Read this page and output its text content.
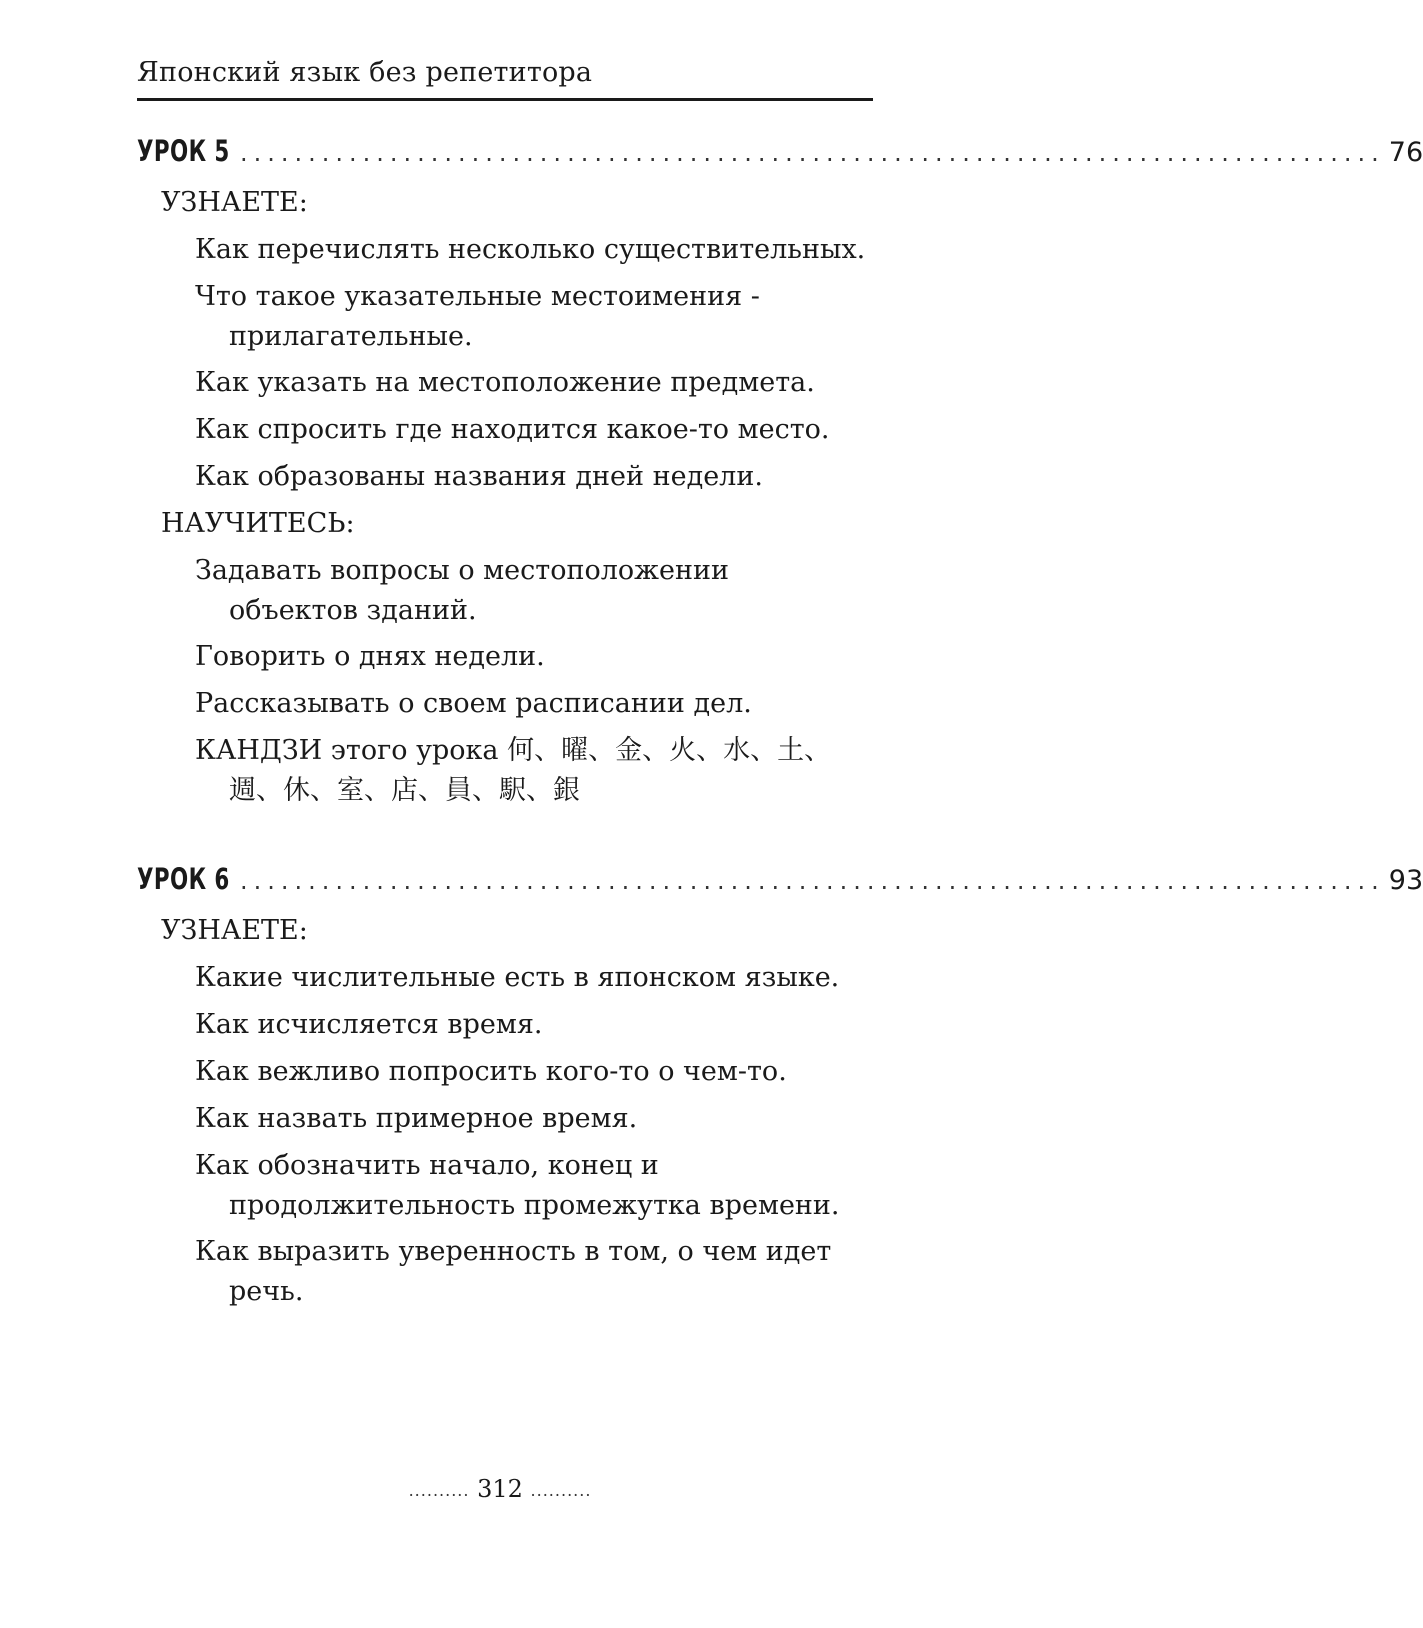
Японский язык без репетитора
УРОК 5 .................................................................................... 76
УЗНАЕТЕ:
Как перечислять несколько существительных.
Что такое указательные местоимения - прилагательные.
Как указать на местоположение предмета.
Как спросить где находится какое-то место.
Как образованы названия дней недели.
НАУЧИТЕСЬ:
Задавать вопросы о местоположении объектов зданий.
Говорить о днях недели.
Рассказывать о своем расписании дел.
КАНДЗИ этого урока 何、曜、金、火、水、土、週、休、室、店、員、駅、銀
УРОК 6 .................................................................................... 93
УЗНАЕТЕ:
Какие числительные есть в японском языке.
Как исчисляется время.
Как вежливо попросить кого-то о чем-то.
Как назвать примерное время.
Как обозначить начало, конец и продолжительность промежутка времени.
Как выразить уверенность в том, о чем идет речь.
.......... 312 ..........
